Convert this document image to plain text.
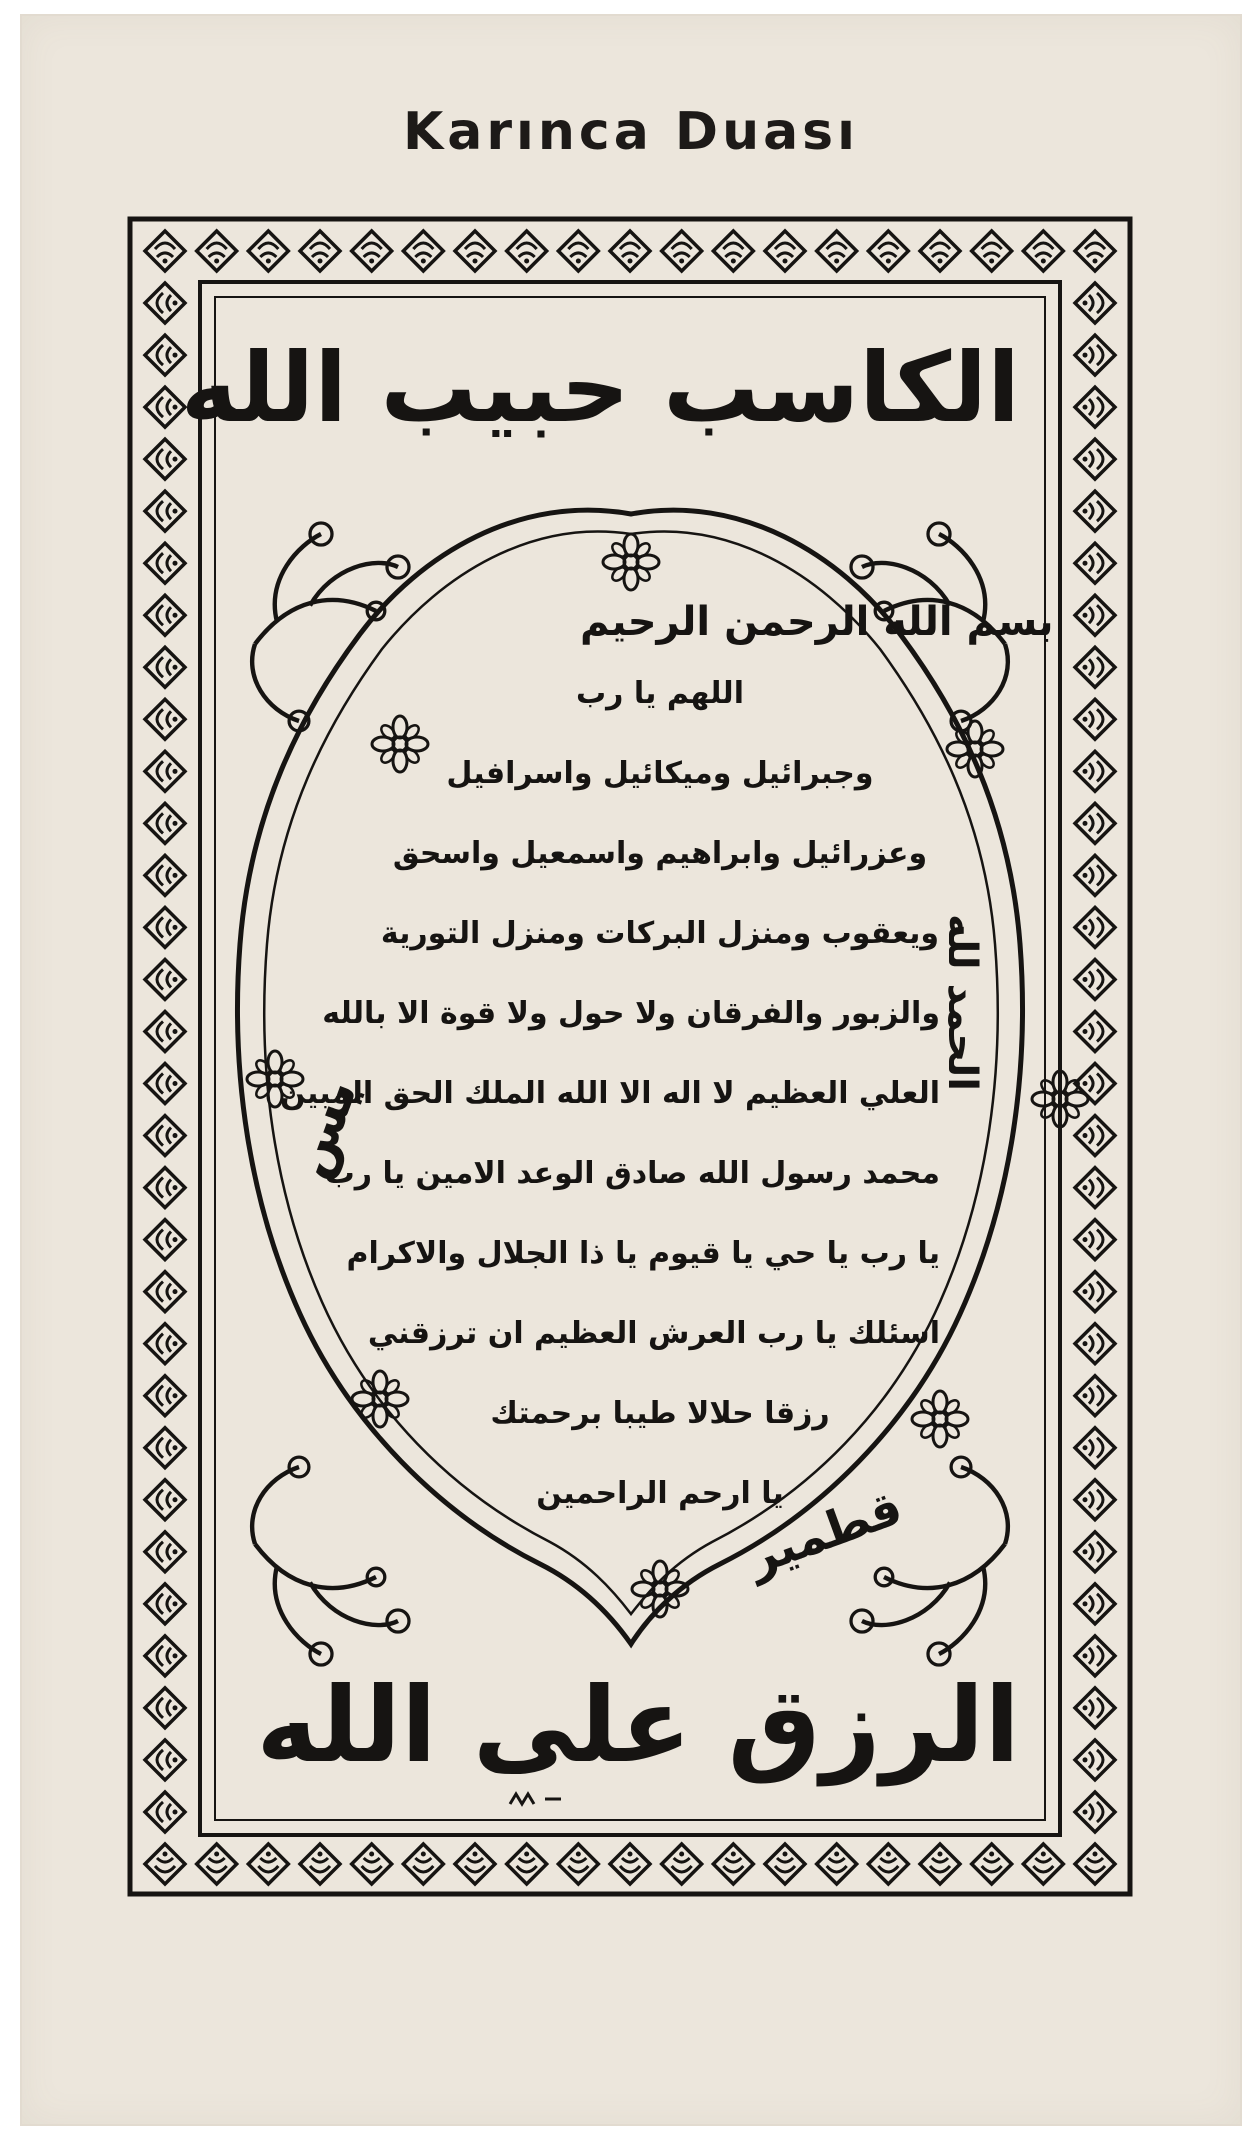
Karınca Duası
الكاسب حبيب الله
اللهم يا رب
وجبرائيل وميكائيل واسرافيل
وعزرائيل وابراهيم واسمعيل واسحق
ويعقوب ومنزل البركات ومنزل التورية
والزبور والفرقان ولا حول ولا قوة الا بالله
العلي العظيم لا اله الا الله الملك الحق المبين
محمد رسول الله صادق الوعد الامين يا رب
يا رب يا حي يا قيوم يا ذا الجلال والاكرام
اسئلك يا رب العرش العظيم ان ترزقني
رزقا حلالا طيبا برحمتك
يا ارحم الراحمين
بسم الله الرحمن الرحيم
الحمد لله
يس
قطمير
الرزق على الله
